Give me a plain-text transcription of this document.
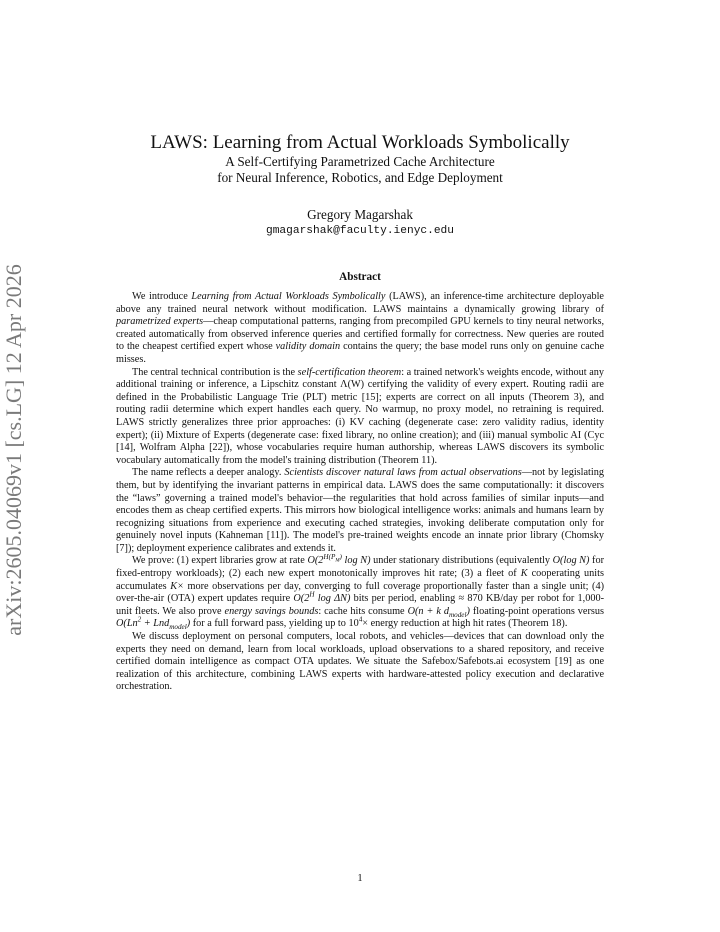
arXiv:2605.04069v1 [cs.LG] 12 Apr 2026

LAWS: Learning from Actual Workloads Symbolically

A Self-Certifying Parametrized Cache Architecture

for Neural Inference, Robotics, and Edge Deployment

Gregory Magarshak
gmagarshak@faculty.ienyc.edu
Abstract

We introduce Learning from Actual Workloads Symbolically (LAWS), an inference-time architecture deployable above any trained neural network without modification. LAWS maintains a dynamically growing library of parametrized experts—cheap computational patterns, ranging from precompiled GPU kernels to tiny neural networks, created automatically from observed inference queries and certified formally for correctness. New queries are routed to the cheapest certified expert whose validity domain contains the query; the base model runs only on genuine cache misses.

The central technical contribution is the self-certification theorem: a trained network's weights encode, without any additional training or inference, a Lipschitz constant Λ(W) certifying the validity of every expert. Routing radii are defined in the Probabilistic Language Trie (PLT) metric [15]; experts are correct on all inputs (Theorem 3), and routing radii determine which expert handles each query. No warmup, no proxy model, no retraining is required. LAWS strictly generalizes three prior approaches: (i) KV caching (degenerate case: zero validity radius, identity expert); (ii) Mixture of Experts (degenerate case: fixed library, no online creation); and (iii) manual symbolic AI (Cyc [14], Wolfram Alpha [22]), whose vocabularies require human authorship, whereas LAWS discovers its symbolic vocabulary automatically from the model's training distribution (Theorem 11).

The name reflects a deeper analogy. Scientists discover natural laws from actual observations—not by legislating them, but by identifying the invariant patterns in empirical data. LAWS does the same computationally: it discovers the “laws” governing a trained model's behavior—the regularities that hold across families of similar inputs—and encodes them as cheap certified experts. This mirrors how biological intelligence works: animals and humans learn by recognizing situations from experience and executing cached strategies, invoking deliberate computation only for genuinely novel inputs (Kahneman [11]). The model's pre-trained weights encode an innate prior library (Chomsky [7]); deployment experience calibrates and extends it.

We prove: (1) expert libraries grow at rate $O(2^{H(P_M)}$ log N) under stationary distributions (equivalently O(log N) for fixed-entropy workloads); (2) each new expert monotonically improves hit rate; (3) a fleet of K cooperating units accumulates K× more observations per day, converging to full coverage proportionally faster than a single unit; (4) over-the-air (OTA) expert updates require $O(2^H$ log ΔN) bits per period, enabling ≈ 870 KB/day per robot for 1,000-unit fleets. We also prove energy savings bounds: cache hits consume O(n + k $d_{model}$) floating-point operations versus $O(Ln^2 + Lnd_{model})$ for a full forward pass, yielding up to $10^4\times$ energy reduction at high hit rates (Theorem 18).

We discuss deployment on personal computers, local robots, and vehicles—devices that can download only the experts they need on demand, learn from local workloads, upload observations to a shared repository, and receive certified domain intelligence as compact OTA updates. We situate the Safebox/Safebots.ai ecosystem [19] as one realization of this architecture, combining LAWS experts with hardware-attested policy execution and declarative orchestration.

1
